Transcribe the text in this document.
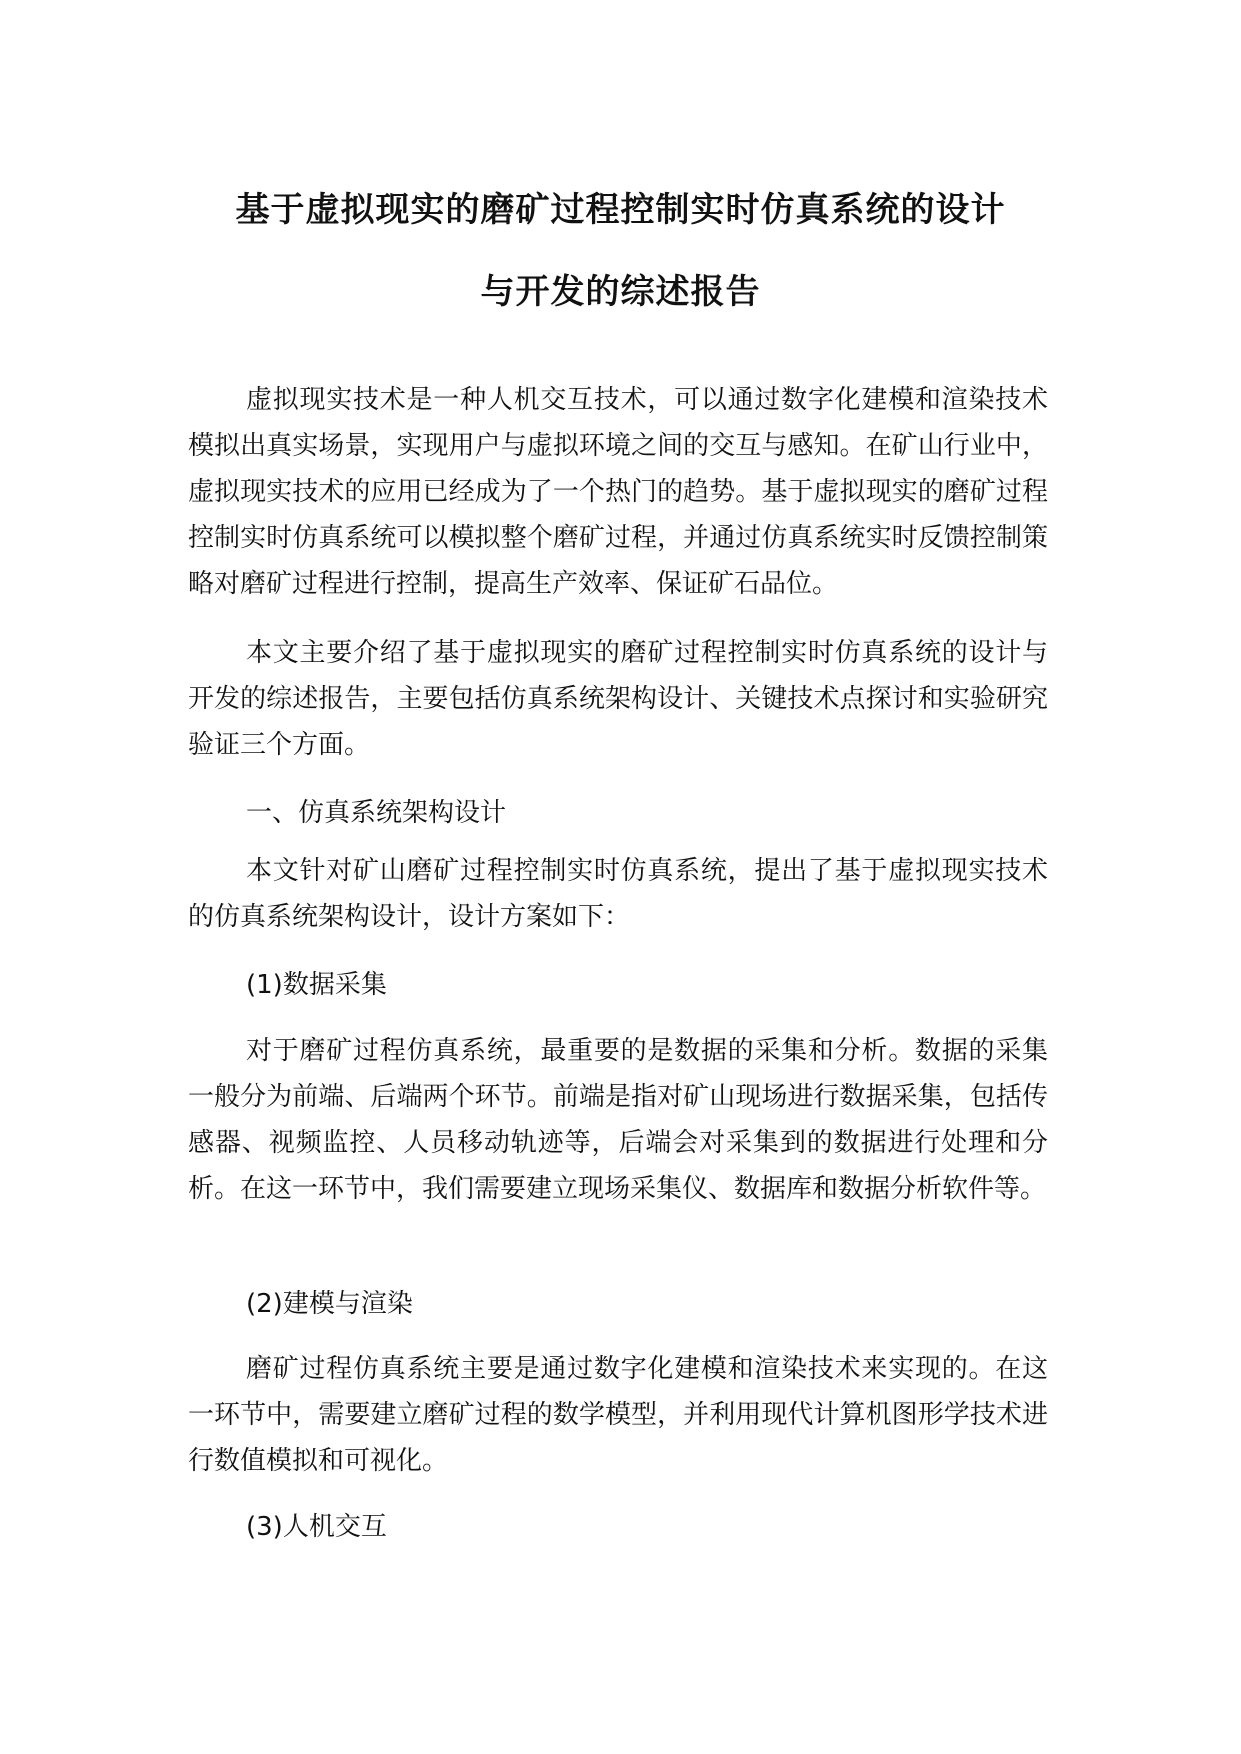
基于虚拟现实的磨矿过程控制实时仿真系统的设计
与开发的综述报告

虚拟现实技术是一种人机交互技术，可以通过数字化建模和渲染技术模拟出真实场景，实现用户与虚拟环境之间的交互与感知。在矿山行业中，虚拟现实技术的应用已经成为了一个热门的趋势。基于虚拟现实的磨矿过程控制实时仿真系统可以模拟整个磨矿过程，并通过仿真系统实时反馈控制策略对磨矿过程进行控制，提高生产效率、保证矿石品位。

本文主要介绍了基于虚拟现实的磨矿过程控制实时仿真系统的设计与开发的综述报告，主要包括仿真系统架构设计、关键技术点探讨和实验研究验证三个方面。

一、仿真系统架构设计

本文针对矿山磨矿过程控制实时仿真系统，提出了基于虚拟现实技术的仿真系统架构设计，设计方案如下：

(1)数据采集

对于磨矿过程仿真系统，最重要的是数据的采集和分析。数据的采集一般分为前端、后端两个环节。前端是指对矿山现场进行数据采集，包括传感器、视频监控、人员移动轨迹等，后端会对采集到的数据进行处理和分析。在这一环节中，我们需要建立现场采集仪、数据库和数据分析软件等。

(2)建模与渲染

磨矿过程仿真系统主要是通过数字化建模和渲染技术来实现的。在这一环节中，需要建立磨矿过程的数学模型，并利用现代计算机图形学技术进行数值模拟和可视化。

(3)人机交互
